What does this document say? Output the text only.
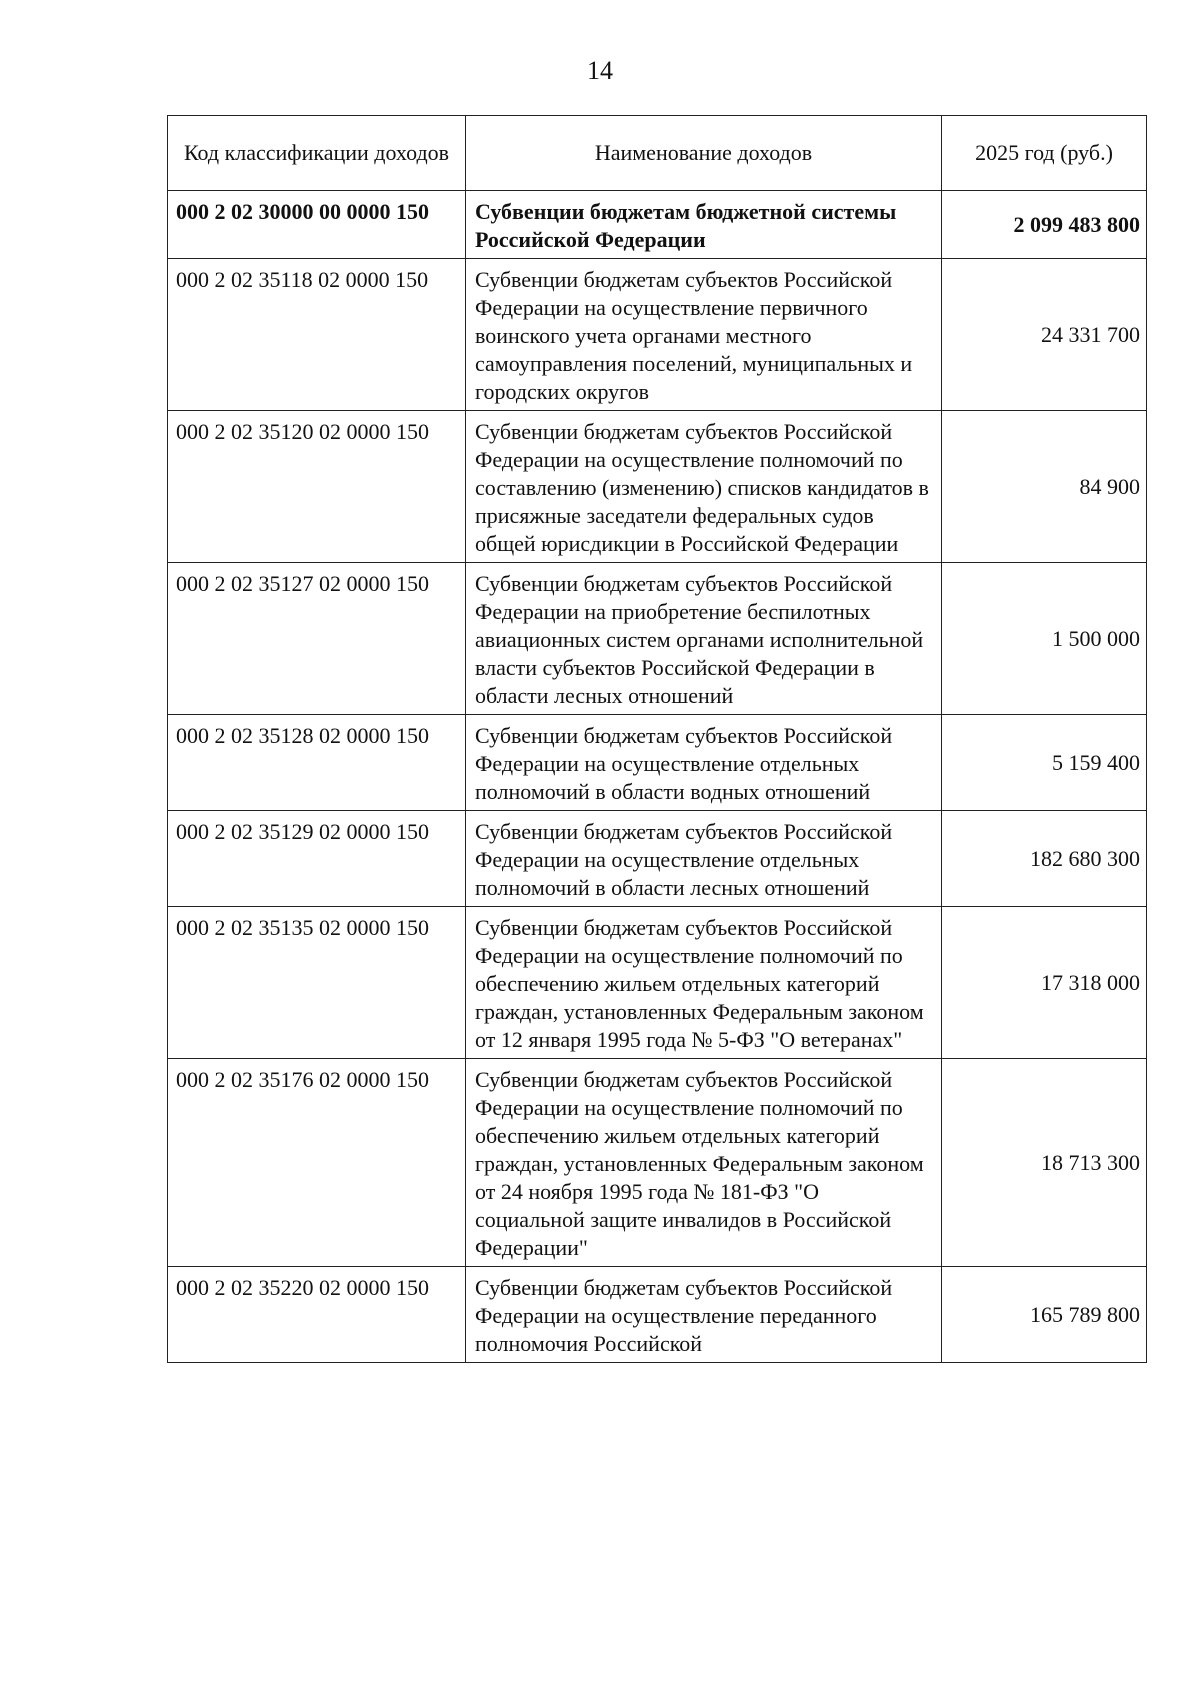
14
Код классификации доходов	Наименование доходов	2025 год (руб.)
000 2 02 30000 00 0000 150	Субвенции бюджетам бюджетной системы Российской Федерации	2 099 483 800
000 2 02 35118 02 0000 150	Субвенции бюджетам субъектов Российской Федерации на осуществление первичного воинского учета органами местного самоуправления поселений, муниципальных и городских округов	24 331 700
000 2 02 35120 02 0000 150	Субвенции бюджетам субъектов Российской Федерации на осуществление полномочий по составлению (изменению) списков кандидатов в присяжные заседатели федеральных судов общей юрисдикции в Российской Федерации	84 900
000 2 02 35127 02 0000 150	Субвенции бюджетам субъектов Российской Федерации на приобретение беспилотных авиационных систем органами исполнительной власти субъектов Российской Федерации в области лесных отношений	1 500 000
000 2 02 35128 02 0000 150	Субвенции бюджетам субъектов Российской Федерации на осуществление отдельных полномочий в области водных отношений	5 159 400
000 2 02 35129 02 0000 150	Субвенции бюджетам субъектов Российской Федерации на осуществление отдельных полномочий в области лесных отношений	182 680 300
000 2 02 35135 02 0000 150	Субвенции бюджетам субъектов Российской Федерации на осуществление полномочий по обеспечению жильем отдельных категорий граждан, установленных Федеральным законом от 12 января 1995 года № 5-ФЗ "О ветеранах"	17 318 000
000 2 02 35176 02 0000 150	Субвенции бюджетам субъектов Российской Федерации на осуществление полномочий по обеспечению жильем отдельных категорий граждан, установленных Федеральным законом от 24 ноября 1995 года № 181-ФЗ "О социальной защите инвалидов в Российской Федерации"	18 713 300
000 2 02 35220 02 0000 150	Субвенции бюджетам субъектов Российской Федерации на осуществление переданного полномочия Российской	165 789 800
